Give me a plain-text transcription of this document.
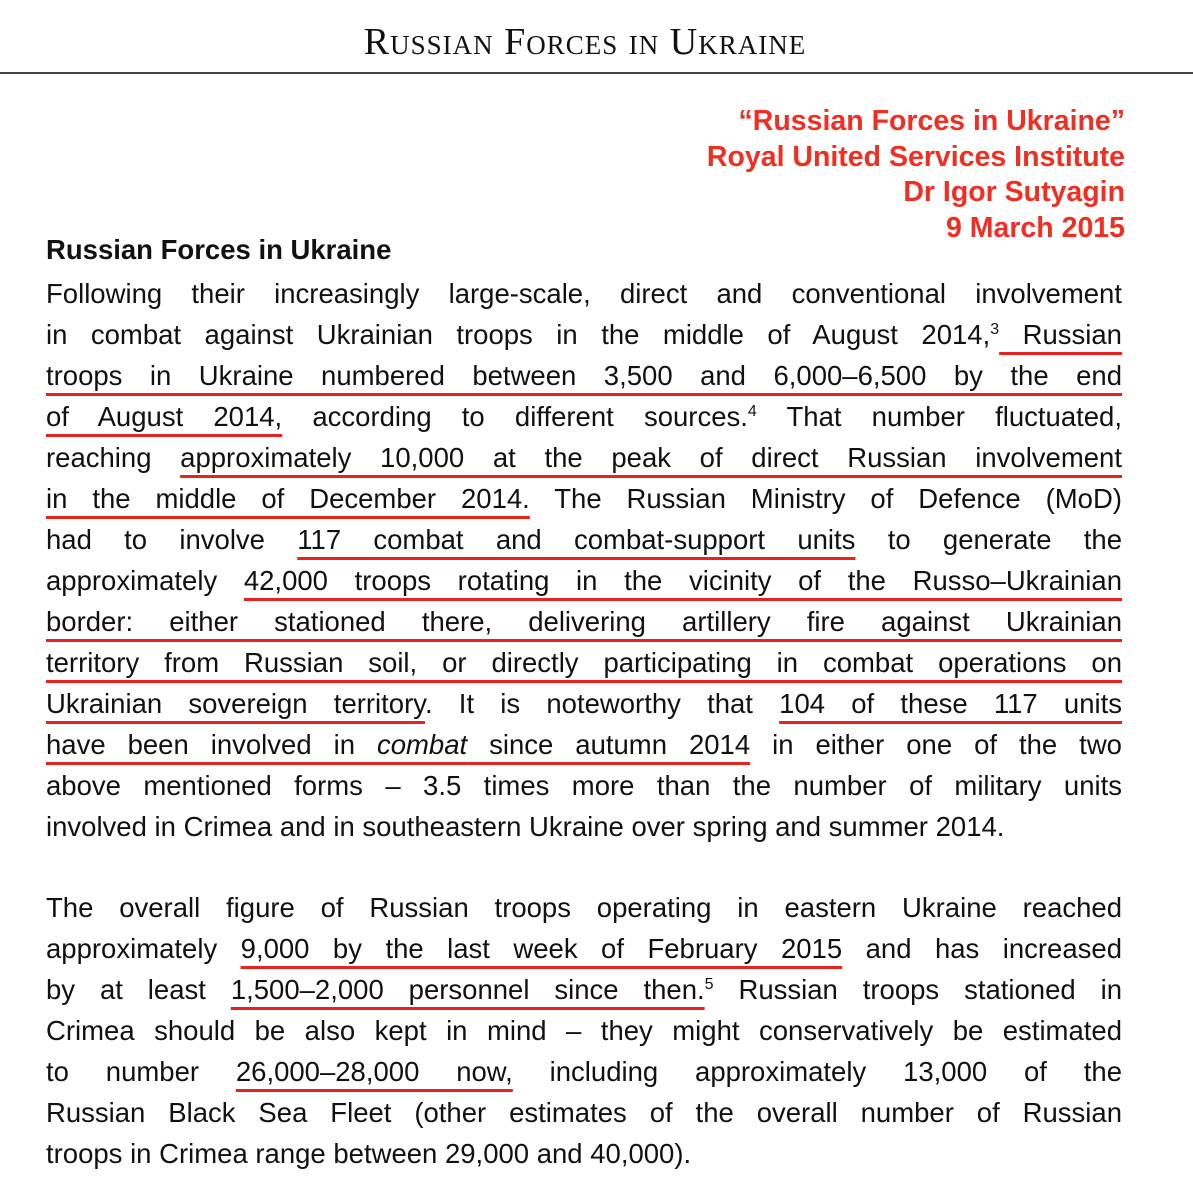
Russian Forces in Ukraine
“Russian Forces in Ukraine”
Royal United Services Institute
Dr Igor Sutyagin
9 March 2015
Russian Forces in Ukraine
Following their increasingly large-scale, direct and conventional involvement
in combat against Ukrainian troops in the middle of August 2014,$^3$ Russian
troops in Ukraine numbered between 3,500 and 6,000–6,500 by the end
of August 2014, according to different sources.$^4$ That number fluctuated,
reaching approximately 10,000 at the peak of direct Russian involvement
in the middle of December 2014. The Russian Ministry of Defence (MoD)
had to involve 117 combat and combat-support units to generate the
approximately 42,000 troops rotating in the vicinity of the Russo–Ukrainian
border: either stationed there, delivering artillery fire against Ukrainian
territory from Russian soil, or directly participating in combat operations on
Ukrainian sovereign territory. It is noteworthy that 104 of these 117 units
have been involved in combat since autumn 2014 in either one of the two
above mentioned forms – 3.5 times more than the number of military units
involved in Crimea and in southeastern Ukraine over spring and summer 2014.
The overall figure of Russian troops operating in eastern Ukraine reached
approximately 9,000 by the last week of February 2015 and has increased
by at least 1,500–2,000 personnel since then.$^5$ Russian troops stationed in
Crimea should be also kept in mind – they might conservatively be estimated
to number 26,000–28,000 now, including approximately 13,000 of the
Russian Black Sea Fleet (other estimates of the overall number of Russian
troops in Crimea range between 29,000 and 40,000).
